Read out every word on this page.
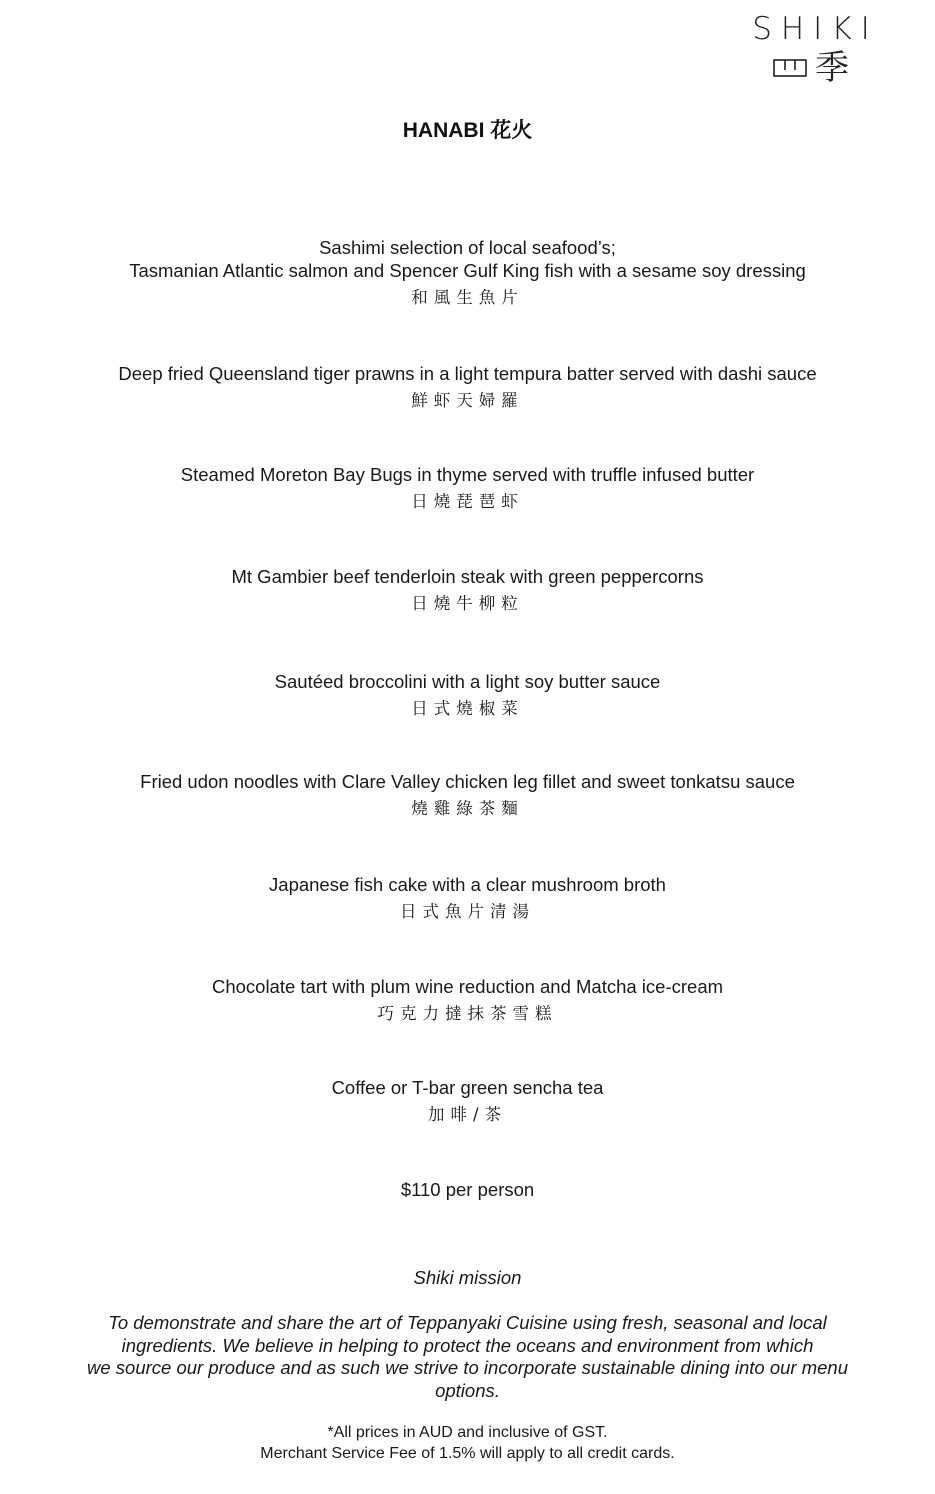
SHIKI
季
HANABI 花火
Sashimi selection of local seafood’s;
Tasmanian Atlantic salmon and Spencer Gulf King fish with a sesame soy dressing
和風生魚片
Deep fried Queensland tiger prawns in a light tempura batter served with dashi sauce
鮮虾天婦羅
Steamed Moreton Bay Bugs in thyme served with truffle infused butter
日燒琵琶虾
Mt Gambier beef tenderloin steak with green peppercorns
日燒牛柳粒
Sautéed broccolini with a light soy butter sauce
日式燒椒菜
Fried udon noodles with Clare Valley chicken leg fillet and sweet tonkatsu sauce
燒雞綠茶麵
Japanese fish cake with a clear mushroom broth
日式魚片清湯
Chocolate tart with plum wine reduction and Matcha ice-cream
巧克力撻抹茶雪糕
Coffee or T-bar green sencha tea
加啡/茶
$110 per person
Shiki mission
To demonstrate and share the art of Teppanyaki Cuisine using fresh, seasonal and local
ingredients. We believe in helping to protect the oceans and environment from which
we source our produce and as such we strive to incorporate sustainable dining into our menu
options.
*All prices in AUD and inclusive of GST.
Merchant Service Fee of 1.5% will apply to all credit cards.
